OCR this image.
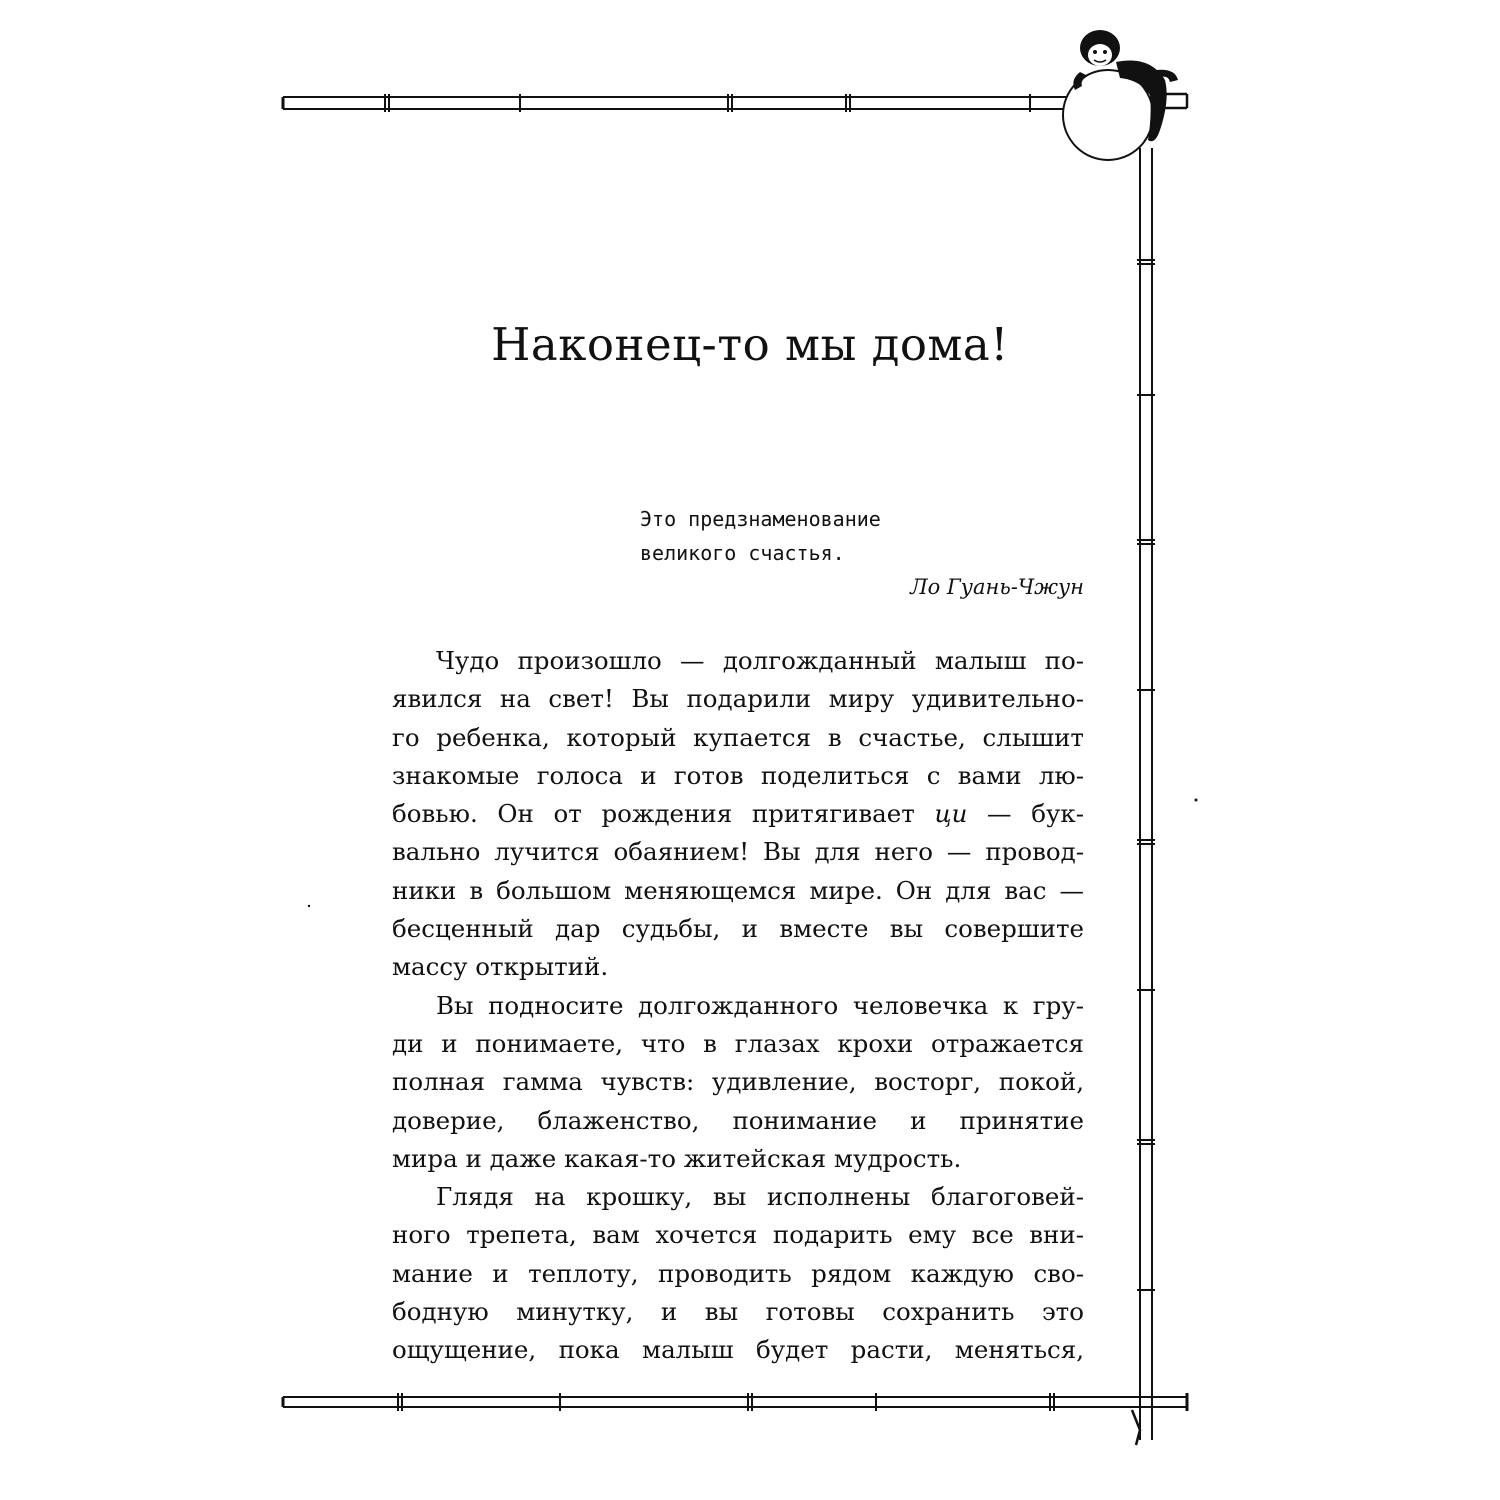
Наконец-то мы дома!
Это предзнаменование
великого счастья.
Ло Гуань-Чжун
Чудо произошло — долгожданный малыш по-
явился на свет! Вы подарили миру удивительно-
го ребенка, который купается в счастье, слышит
знакомые голоса и готов поделиться с вами лю-
бовью. Он от рождения притягивает ци — бук-
вально лучится обаянием! Вы для него — провод-
ники в большом меняющемся мире. Он для вас —
бесценный дар судьбы, и вместе вы совершите
массу открытий.
Вы подносите долгожданного человечка к гру-
ди и понимаете, что в глазах крохи отражается
полная гамма чувств: удивление, восторг, покой,
доверие, блаженство, понимание и принятие
мира и даже какая-то житейская мудрость.
Глядя на крошку, вы исполнены благоговей-
ного трепета, вам хочется подарить ему все вни-
мание и теплоту, проводить рядом каждую сво-
бодную минутку, и вы готовы сохранить это
ощущение, пока малыш будет расти, меняться,
